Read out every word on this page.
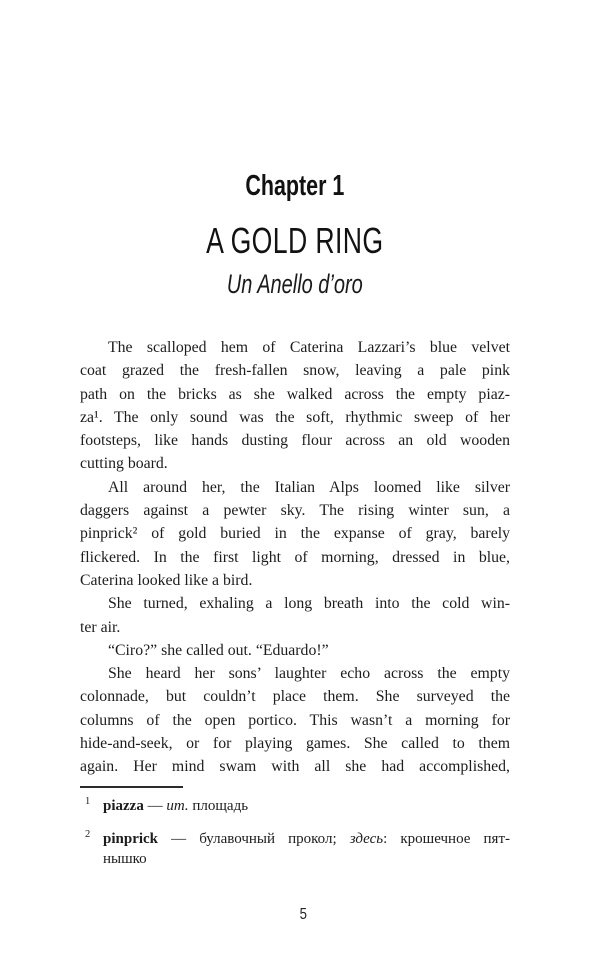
Chapter 1
A GOLD RING
Un Anello d’oro
The scalloped hem of Caterina Lazzari’s blue velvet
coat grazed the fresh-fallen snow, leaving a pale pink
path on the bricks as she walked across the empty piaz-
za¹. The only sound was the soft, rhythmic sweep of her
footsteps, like hands dusting flour across an old wooden
cutting board.
All around her, the Italian Alps loomed like silver
daggers against a pewter sky. The rising winter sun, a
pinprick² of gold buried in the expanse of gray, barely
flickered. In the first light of morning, dressed in blue,
Caterina looked like a bird.
She turned, exhaling a long breath into the cold win-
ter air.
“Ciro?” she called out. “Eduardo!”
She heard her sons’ laughter echo across the empty
colonnade, but couldn’t place them. She surveyed the
columns of the open portico. This wasn’t a morning for
hide-and-seek, or for playing games. She called to them
again. Her mind swam with all she had accomplished,
1 piazza — ит. площадь
2 pinprick — булавочный прокол; здесь: крошечное пят-
нышко
5
